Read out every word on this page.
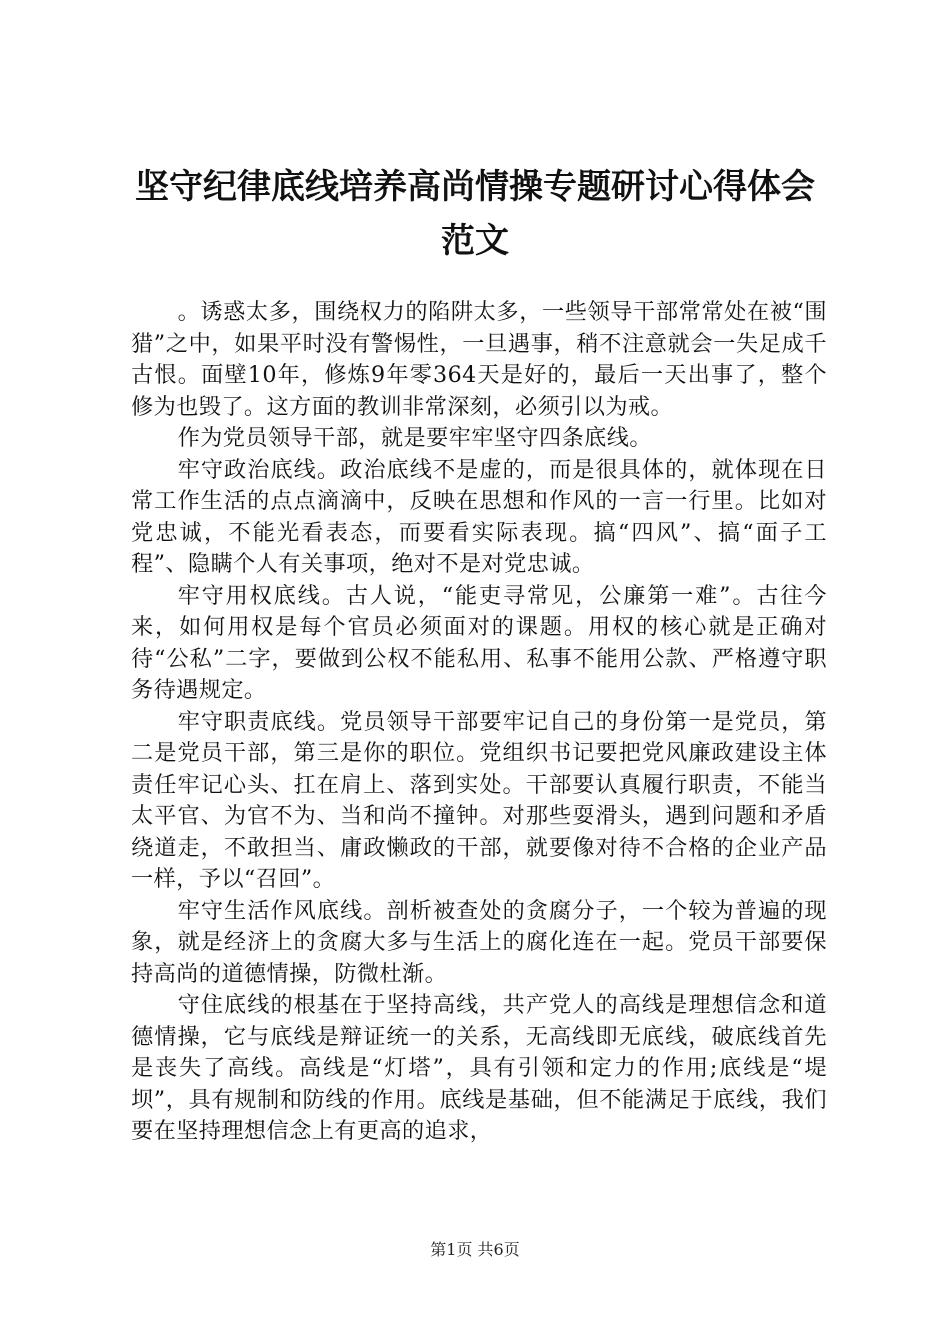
坚守纪律底线培养高尚情操专题研讨心得体会
范文

。诱惑太多，围绕权力的陷阱太多，一些领导干部常常处在被“围猎”之中，如果平时没有警惕性，一旦遇事，稍不注意就会一失足成千古恨。面壁10年，修炼9年零364天是好的，最后一天出事了，整个修为也毁了。这方面的教训非常深刻，必须引以为戒。

作为党员领导干部，就是要牢牢坚守四条底线。

牢守政治底线。政治底线不是虚的，而是很具体的，就体现在日常工作生活的点点滴滴中，反映在思想和作风的一言一行里。比如对党忠诚，不能光看表态，而要看实际表现。搞“四风”、搞“面子工程”、隐瞒个人有关事项，绝对不是对党忠诚。

牢守用权底线。古人说，“能吏寻常见，公廉第一难”。古往今来，如何用权是每个官员必须面对的课题。用权的核心就是正确对待“公私”二字，要做到公权不能私用、私事不能用公款、严格遵守职务待遇规定。

牢守职责底线。党员领导干部要牢记自己的身份第一是党员，第二是党员干部，第三是你的职位。党组织书记要把党风廉政建设主体责任牢记心头、扛在肩上、落到实处。干部要认真履行职责，不能当太平官、为官不为、当和尚不撞钟。对那些耍滑头，遇到问题和矛盾绕道走，不敢担当、庸政懒政的干部，就要像对待不合格的企业产品一样，予以“召回”。

牢守生活作风底线。剖析被查处的贪腐分子，一个较为普遍的现象，就是经济上的贪腐大多与生活上的腐化连在一起。党员干部要保持高尚的道德情操，防微杜渐。

守住底线的根基在于坚持高线，共产党人的高线是理想信念和道德情操，它与底线是辩证统一的关系，无高线即无底线，破底线首先是丧失了高线。高线是“灯塔”，具有引领和定力的作用;底线是“堤坝”，具有规制和防线的作用。底线是基础，但不能满足于底线，我们要在坚持理想信念上有更高的追求，

第1页 共6页
